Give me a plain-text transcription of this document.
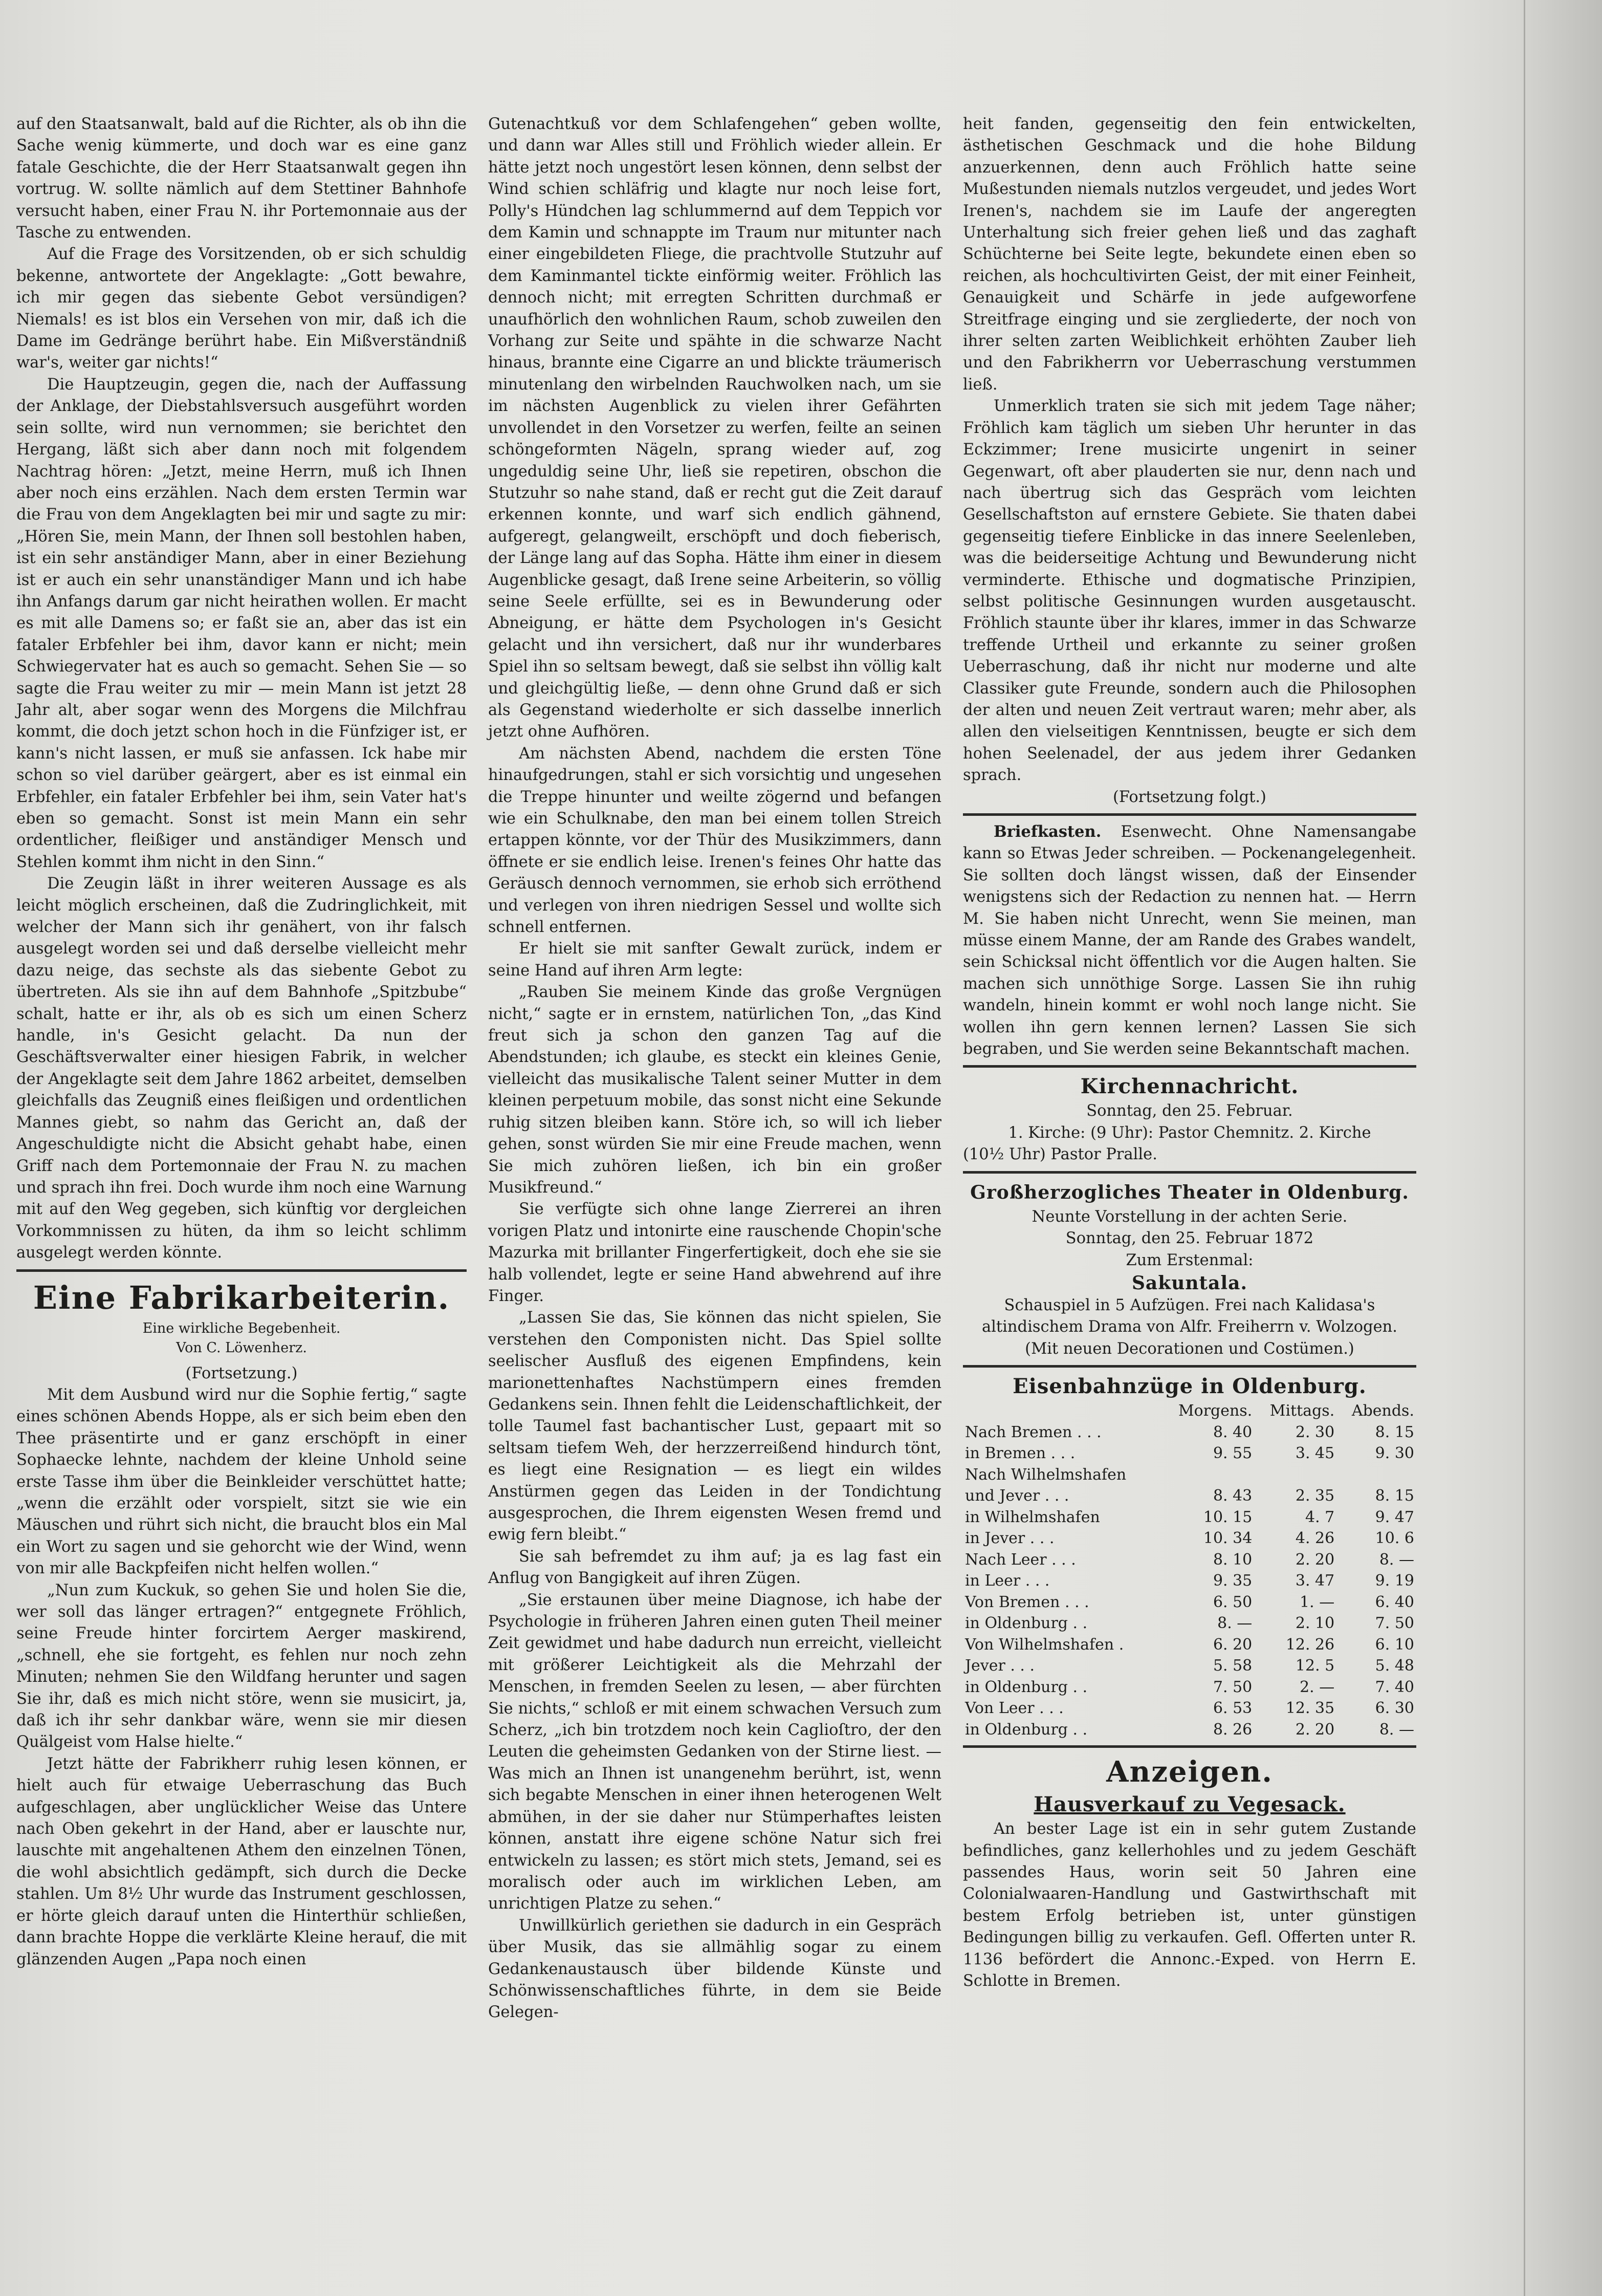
auf den Staatsanwalt, bald auf die Richter, als ob ihn die Sache wenig kümmerte, und doch war es eine ganz fatale Geschichte, die der Herr Staatsanwalt gegen ihn vortrug. W. sollte nämlich auf dem Stettiner Bahnhofe versucht haben, einer Frau N. ihr Portemonnaie aus der Tasche zu entwenden.

Auf die Frage des Vorsitzenden, ob er sich schuldig bekenne, antwortete der Angeklagte: „Gott bewahre, ich mir gegen das siebente Gebot versündigen? Niemals! es ist blos ein Versehen von mir, daß ich die Dame im Gedränge berührt habe. Ein Mißverständniß war's, weiter gar nichts!“

Die Hauptzeugin, gegen die, nach der Auffassung der Anklage, der Diebstahlsversuch ausgeführt worden sein sollte, wird nun vernommen; sie berichtet den Hergang, läßt sich aber dann noch mit folgendem Nachtrag hören: „Jetzt, meine Herrn, muß ich Ihnen aber noch eins erzählen. Nach dem ersten Termin war die Frau von dem Angeklagten bei mir und sagte zu mir: „Hören Sie, mein Mann, der Ihnen soll bestohlen haben, ist ein sehr anständiger Mann, aber in einer Beziehung ist er auch ein sehr unanständiger Mann und ich habe ihn Anfangs darum gar nicht heirathen wollen. Er macht es mit alle Damens so; er faßt sie an, aber das ist ein fataler Erbfehler bei ihm, davor kann er nicht; mein Schwiegervater hat es auch so gemacht. Sehen Sie — so sagte die Frau weiter zu mir — mein Mann ist jetzt 28 Jahr alt, aber sogar wenn des Morgens die Milchfrau kommt, die doch jetzt schon hoch in die Fünfziger ist, er kann's nicht lassen, er muß sie anfassen. Ick habe mir schon so viel darüber geärgert, aber es ist einmal ein Erbfehler, ein fataler Erbfehler bei ihm, sein Vater hat's eben so gemacht. Sonst ist mein Mann ein sehr ordentlicher, fleißiger und anständiger Mensch und Stehlen kommt ihm nicht in den Sinn.“

Die Zeugin läßt in ihrer weiteren Aussage es als leicht möglich erscheinen, daß die Zudringlichkeit, mit welcher der Mann sich ihr genähert, von ihr falsch ausgelegt worden sei und daß derselbe vielleicht mehr dazu neige, das sechste als das siebente Gebot zu übertreten. Als sie ihn auf dem Bahnhofe „Spitzbube“ schalt, hatte er ihr, als ob es sich um einen Scherz handle, in's Gesicht gelacht. Da nun der Geschäftsverwalter einer hiesigen Fabrik, in welcher der Angeklagte seit dem Jahre 1862 arbeitet, demselben gleichfalls das Zeugniß eines fleißigen und ordentlichen Mannes giebt, so nahm das Gericht an, daß der Angeschuldigte nicht die Absicht gehabt habe, einen Griff nach dem Portemonnaie der Frau N. zu machen und sprach ihn frei. Doch wurde ihm noch eine Warnung mit auf den Weg gegeben, sich künftig vor dergleichen Vorkommnissen zu hüten, da ihm so leicht schlimm ausgelegt werden könnte.

Eine Fabrikarbeiterin.
Eine wirkliche Begebenheit.
Von C. Löwenherz.
(Fortsetzung.)

Mit dem Ausbund wird nur die Sophie fertig,“ sagte eines schönen Abends Hoppe, als er sich beim eben den Thee präsentirte und er ganz erschöpft in einer Sophaecke lehnte, nachdem der kleine Unhold seine erste Tasse ihm über die Beinkleider verschüttet hatte; „wenn die erzählt oder vorspielt, sitzt sie wie ein Mäuschen und rührt sich nicht, die braucht blos ein Mal ein Wort zu sagen und sie gehorcht wie der Wind, wenn von mir alle Backpfeifen nicht helfen wollen.“

„Nun zum Kuckuk, so gehen Sie und holen Sie die, wer soll das länger ertragen?“ entgegnete Fröhlich, seine Freude hinter forcirtem Aerger maskirend, „schnell, ehe sie fortgeht, es fehlen nur noch zehn Minuten; nehmen Sie den Wildfang herunter und sagen Sie ihr, daß es mich nicht störe, wenn sie musicirt, ja, daß ich ihr sehr dankbar wäre, wenn sie mir diesen Quälgeist vom Halse hielte.“

Jetzt hätte der Fabrikherr ruhig lesen können, er hielt auch für etwaige Ueberraschung das Buch aufgeschlagen, aber unglücklicher Weise das Untere nach Oben gekehrt in der Hand, aber er lauschte nur, lauschte mit angehaltenen Athem den einzelnen Tönen, die wohl absichtlich gedämpft, sich durch die Decke stahlen. Um 8½ Uhr wurde das Instrument geschlossen, er hörte gleich darauf unten die Hinterthür schließen, dann brachte Hoppe die verklärte Kleine herauf, die mit glänzenden Augen „Papa noch einen

Gutenachtkuß vor dem Schlafengehen“ geben wollte, und dann war Alles still und Fröhlich wieder allein. Er hätte jetzt noch ungestört lesen können, denn selbst der Wind schien schläfrig und klagte nur noch leise fort, Polly's Hündchen lag schlummernd auf dem Teppich vor dem Kamin und schnappte im Traum nur mitunter nach einer eingebildeten Fliege, die prachtvolle Stutzuhr auf dem Kaminmantel tickte einförmig weiter. Fröhlich las dennoch nicht; mit erregten Schritten durchmaß er unaufhörlich den wohnlichen Raum, schob zuweilen den Vorhang zur Seite und spähte in die schwarze Nacht hinaus, brannte eine Cigarre an und blickte träumerisch minutenlang den wirbelnden Rauchwolken nach, um sie im nächsten Augenblick zu vielen ihrer Gefährten unvollendet in den Vorsetzer zu werfen, feilte an seinen schöngeformten Nägeln, sprang wieder auf, zog ungeduldig seine Uhr, ließ sie repetiren, obschon die Stutzuhr so nahe stand, daß er recht gut die Zeit darauf erkennen konnte, und warf sich endlich gähnend, aufgeregt, gelangweilt, erschöpft und doch fieberisch, der Länge lang auf das Sopha. Hätte ihm einer in diesem Augenblicke gesagt, daß Irene seine Arbeiterin, so völlig seine Seele erfüllte, sei es in Bewunderung oder Abneigung, er hätte dem Psychologen in's Gesicht gelacht und ihn versichert, daß nur ihr wunderbares Spiel ihn so seltsam bewegt, daß sie selbst ihn völlig kalt und gleichgültig ließe, — denn ohne Grund daß er sich als Gegenstand wiederholte er sich dasselbe innerlich jetzt ohne Aufhören.

Am nächsten Abend, nachdem die ersten Töne hinaufgedrungen, stahl er sich vorsichtig und ungesehen die Treppe hinunter und weilte zögernd und befangen wie ein Schulknabe, den man bei einem tollen Streich ertappen könnte, vor der Thür des Musikzimmers, dann öffnete er sie endlich leise. Irenen's feines Ohr hatte das Geräusch dennoch vernommen, sie erhob sich erröthend und verlegen von ihren niedrigen Sessel und wollte sich schnell entfernen.

Er hielt sie mit sanfter Gewalt zurück, indem er seine Hand auf ihren Arm legte:

„Rauben Sie meinem Kinde das große Vergnügen nicht,“ sagte er in ernstem, natürlichen Ton, „das Kind freut sich ja schon den ganzen Tag auf die Abendstunden; ich glaube, es steckt ein kleines Genie, vielleicht das musikalische Talent seiner Mutter in dem kleinen perpetuum mobile, das sonst nicht eine Sekunde ruhig sitzen bleiben kann. Störe ich, so will ich lieber gehen, sonst würden Sie mir eine Freude machen, wenn Sie mich zuhören ließen, ich bin ein großer Musikfreund.“

Sie verfügte sich ohne lange Zierrerei an ihren vorigen Platz und intonirte eine rauschende Chopin'sche Mazurka mit brillanter Fingerfertigkeit, doch ehe sie sie halb vollendet, legte er seine Hand abwehrend auf ihre Finger.

„Lassen Sie das, Sie können das nicht spielen, Sie verstehen den Componisten nicht. Das Spiel sollte seelischer Ausfluß des eigenen Empfindens, kein marionettenhaftes Nachstümpern eines fremden Gedankens sein. Ihnen fehlt die Leidenschaftlichkeit, der tolle Taumel fast bachantischer Lust, gepaart mit so seltsam tiefem Weh, der herzzerreißend hindurch tönt, es liegt eine Resignation — es liegt ein wildes Anstürmen gegen das Leiden in der Tondichtung ausgesprochen, die Ihrem eigensten Wesen fremd und ewig fern bleibt.“

Sie sah befremdet zu ihm auf; ja es lag fast ein Anflug von Bangigkeit auf ihren Zügen.

„Sie erstaunen über meine Diagnose, ich habe der Psychologie in früheren Jahren einen guten Theil meiner Zeit gewidmet und habe dadurch nun erreicht, vielleicht mit größerer Leichtigkeit als die Mehrzahl der Menschen, in fremden Seelen zu lesen, — aber fürchten Sie nichts,“ schloß er mit einem schwachen Versuch zum Scherz, „ich bin trotzdem noch kein Caglioſtro, der den Leuten die geheimsten Gedanken von der Stirne liest. — Was mich an Ihnen ist unangenehm berührt, ist, wenn sich begabte Menschen in einer ihnen heterogenen Welt abmühen, in der sie daher nur Stümperhaftes leisten können, anstatt ihre eigene schöne Natur sich frei entwickeln zu lassen; es stört mich stets, Jemand, sei es moralisch oder auch im wirklichen Leben, am unrichtigen Platze zu sehen.“

Unwillkürlich geriethen sie dadurch in ein Gespräch über Musik, das sie allmählig sogar zu einem Gedankenaustausch über bildende Künste und Schönwissenschaftliches führte, in dem sie Beide Gelegen-

heit fanden, gegenseitig den fein entwickelten, ästhetischen Geschmack und die hohe Bildung anzuerkennen, denn auch Fröhlich hatte seine Mußestunden niemals nutzlos vergeudet, und jedes Wort Irenen's, nachdem sie im Laufe der angeregten Unterhaltung sich freier gehen ließ und das zaghaft Schüchterne bei Seite legte, bekundete einen eben so reichen, als hochcultivirten Geist, der mit einer Feinheit, Genauigkeit und Schärfe in jede aufgeworfene Streitfrage einging und sie zergliederte, der noch von ihrer selten zarten Weiblichkeit erhöhten Zauber lieh und den Fabrikherrn vor Ueberraschung verstummen ließ.

Unmerklich traten sie sich mit jedem Tage näher; Fröhlich kam täglich um sieben Uhr herunter in das Eckzimmer; Irene musicirte ungenirt in seiner Gegenwart, oft aber plauderten sie nur, denn nach und nach übertrug sich das Gespräch vom leichten Gesellschaftston auf ernstere Gebiete. Sie thaten dabei gegenseitig tiefere Einblicke in das innere Seelenleben, was die beiderseitige Achtung und Bewunderung nicht verminderte. Ethische und dogmatische Prinzipien, selbst politische Gesinnungen wurden ausgetauscht. Fröhlich staunte über ihr klares, immer in das Schwarze treffende Urtheil und erkannte zu seiner großen Ueberraschung, daß ihr nicht nur moderne und alte Classiker gute Freunde, sondern auch die Philosophen der alten und neuen Zeit vertraut waren; mehr aber, als allen den vielseitigen Kenntnissen, beugte er sich dem hohen Seelenadel, der aus jedem ihrer Gedanken sprach.

(Fortsetzung folgt.)

Briefkasten. Esenwecht. Ohne Namensangabe kann so Etwas Jeder schreiben. — Pockenangelegenheit. Sie sollten doch längst wissen, daß der Einsender wenigstens sich der Redaction zu nennen hat. — Herrn M. Sie haben nicht Unrecht, wenn Sie meinen, man müsse einem Manne, der am Rande des Grabes wandelt, sein Schicksal nicht öffentlich vor die Augen halten. Sie machen sich unnöthige Sorge. Lassen Sie ihn ruhig wandeln, hinein kommt er wohl noch lange nicht. Sie wollen ihn gern kennen lernen? Lassen Sie sich begraben, und Sie werden seine Bekanntschaft machen.

Kirchennachricht.
Sonntag, den 25. Februar.
1. Kirche: (9 Uhr): Pastor Chemnitz. 2. Kirche
(10½ Uhr) Pastor Pralle.
Großherzogliches Theater in Oldenburg.
Neunte Vorstellung in der achten Serie.
Sonntag, den 25. Februar 1872
Zum Erstenmal:
Sakuntala.
Schauspiel in 5 Aufzügen. Frei nach Kalidasa's
altindischem Drama von Alfr. Freiherrn v. Wolzogen.
(Mit neuen Decorationen und Costümen.)
Eisenbahnzüge in Oldenburg.
	Morgens.	Mittags.	Abends.
Nach Bremen . . .	8. 40	2. 30	8. 15
in Bremen . . .	9. 55	3. 45	9. 30
Nach Wilhelmshafen			
und Jever . . .	8. 43	2. 35	8. 15
in Wilhelmshafen	10. 15	4. 7	9. 47
in Jever . . .	10. 34	4. 26	10. 6
Nach Leer . . .	8. 10	2. 20	8. —
in Leer . . .	9. 35	3. 47	9. 19
Von Bremen . . .	6. 50	1. —	6. 40
in Oldenburg . .	8. —	2. 10	7. 50
Von Wilhelmshafen .	6. 20	12. 26	6. 10
Jever . . .	5. 58	12. 5	5. 48
in Oldenburg . .	7. 50	2. —	7. 40
Von Leer . . .	6. 53	12. 35	6. 30
in Oldenburg . .	8. 26	2. 20	8. —
Anzeigen.
Hausverkauf zu Vegesack.

An bester Lage ist ein in sehr gutem Zustande befindliches, ganz kellerhohles und zu jedem Geschäft passendes Haus, worin seit 50 Jahren eine Colonialwaaren-Handlung und Gastwirthschaft mit bestem Erfolg betrieben ist, unter günstigen Bedingungen billig zu verkaufen. Gefl. Offerten unter R. 1136 befördert die Annonc.-Exped. von Herrn E. Schlotte in Bremen.
